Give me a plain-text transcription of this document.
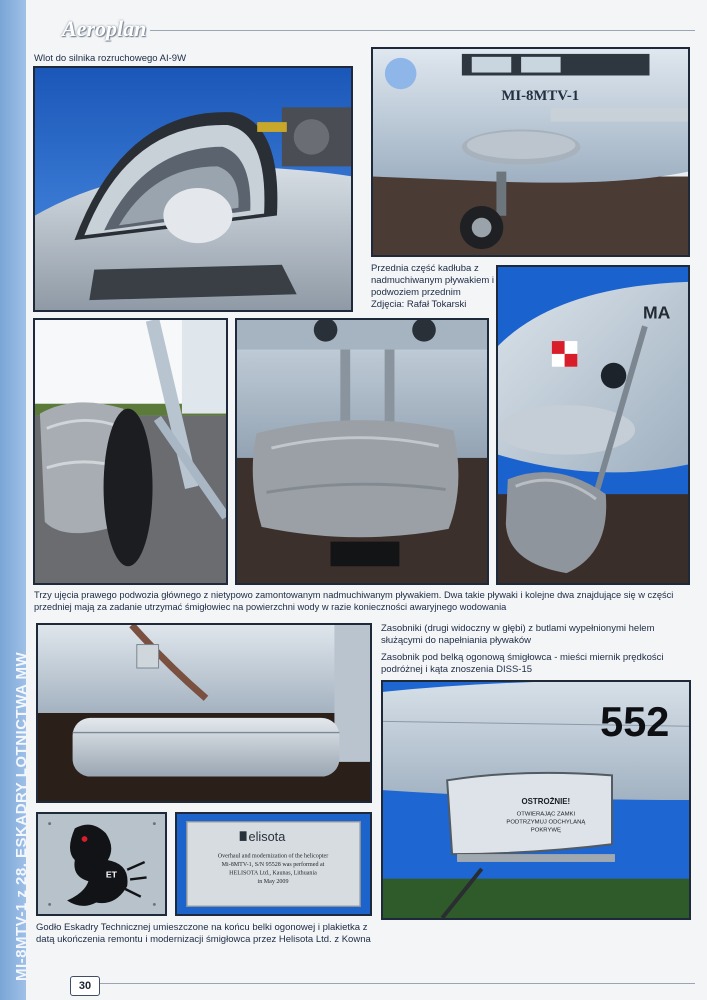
MI-8MTV-1 z 28. ESKADRY LOTNICTWA MW
Aeroplan
Wlot do silnika rozruchowego AI-9W
MI-8MTV-1
Przednia część kadłuba z nadmuchiwanym pływakiem i podwoziem przednim
Zdjęcia: Rafał Tokarski	MA
Trzy ujęcia prawego podwozia głównego z nietypowo zamontowanym nadmuchiwanym pływakiem. Dwa takie pływaki i kolejne dwa znajdujące się w części przedniej mają za zadanie utrzymać śmigłowiec na powierzchni wody w razie konieczności awaryjnego wodowania
Zasobniki (drugi widoczny w głębi) z butlami wypełnionymi helem służącymi do napełniania pływaków
Zasobnik pod belką ogonową śmigłowca - mieści miernik prędkości podróżnej i kąta znoszenia DISS-15
552
OSTROŻNIE!
OTWIERAJĄC ZAMKI
PODTRZYMUJ ODCHYLANĄ
POKRYWĘ
ET
elisota
Overhaul and modernization of the helicopter
Mi-8MTV-1, S/N 95528 was performed at
HELISOTA Ltd., Kaunas, Lithuania
in May 2009
Godło Eskadry Technicznej umieszczone na końcu belki ogonowej i plakietka z datą ukończenia remontu i modernizacji śmigłowca przez Helisota Ltd. z Kowna
30
